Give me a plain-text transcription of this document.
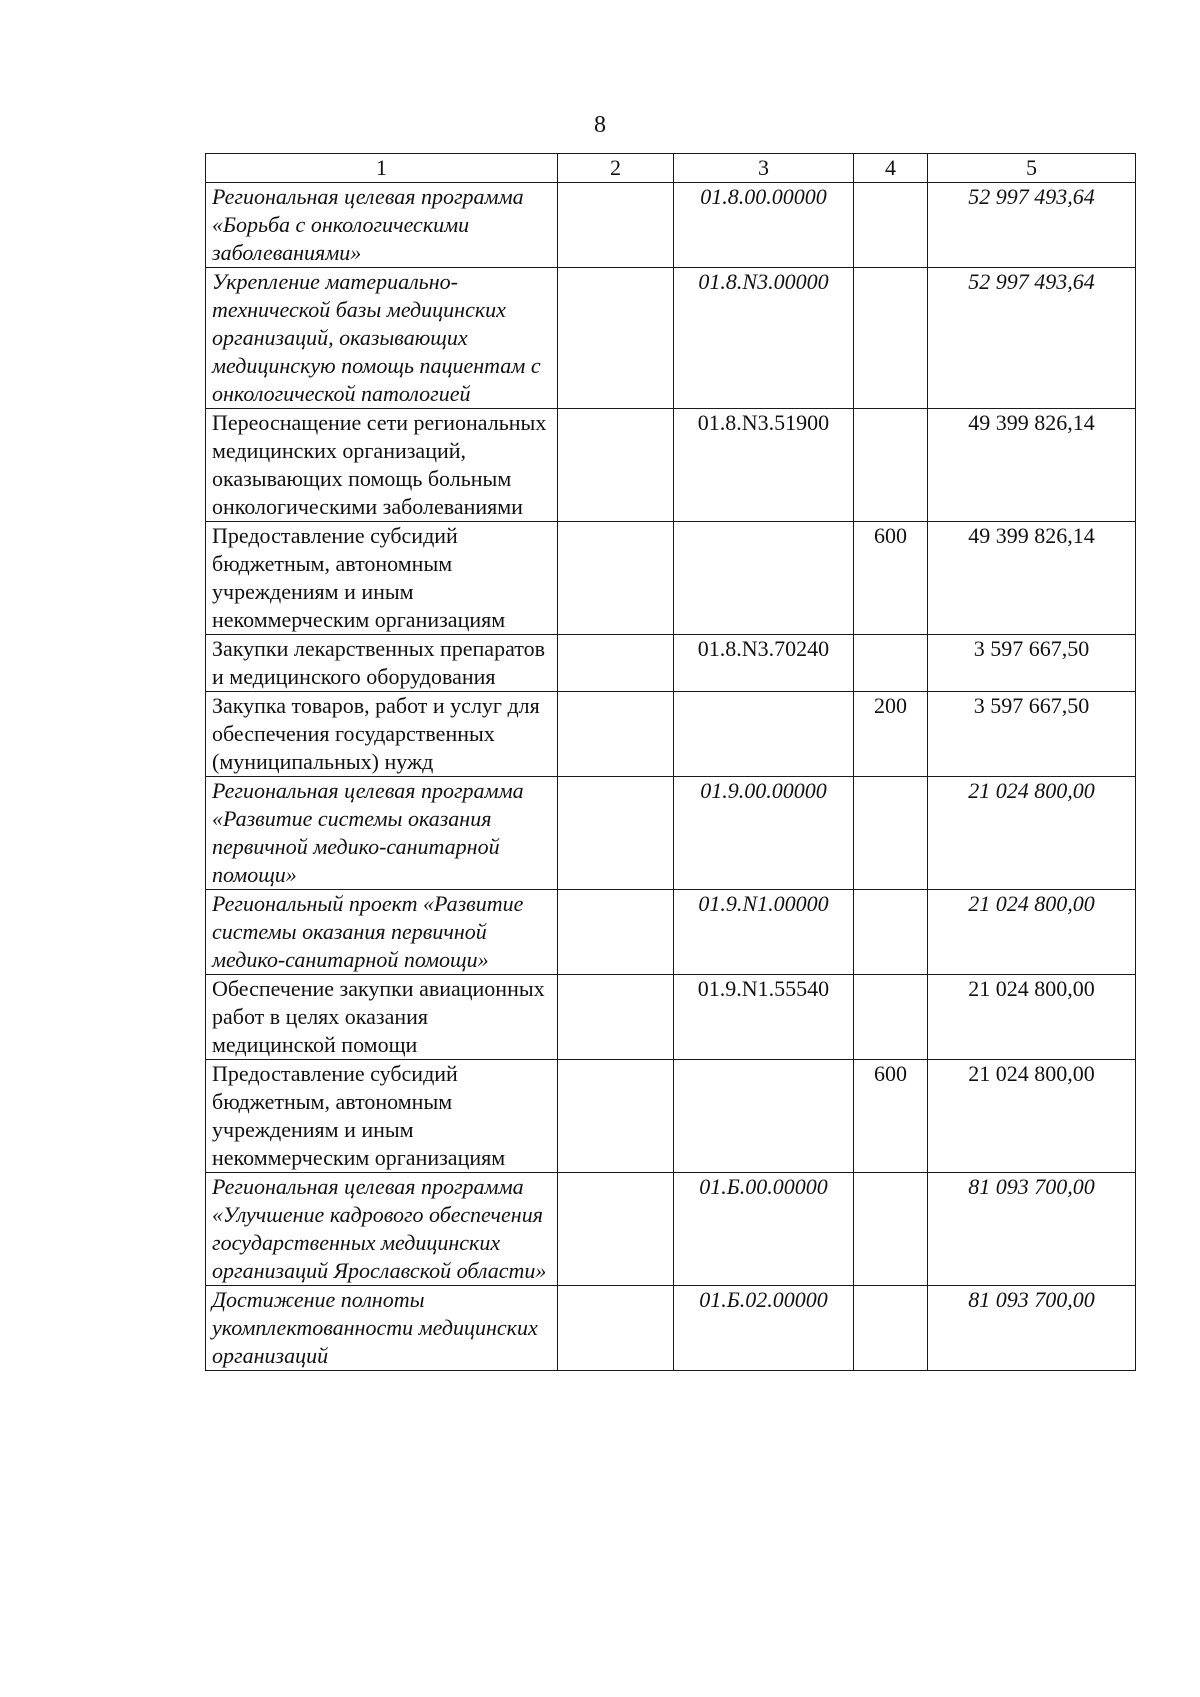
8
1	2	3	4	5
Региональная целевая программа «Борьба с онкологическими заболеваниями»		01.8.00.00000		52 997 493,64
Укрепление материально-технической базы медицинских организаций, оказывающих медицинскую помощь пациентам с онкологической патологией		01.8.N3.00000		52 997 493,64
Переоснащение сети региональных медицинских организаций, оказывающих помощь больным онкологическими заболеваниями		01.8.N3.51900		49 399 826,14
Предоставление субсидий бюджетным, автономным учреждениям и иным некоммерческим организациям			600	49 399 826,14
Закупки лекарственных препаратов и медицинского оборудования		01.8.N3.70240		3 597 667,50
Закупка товаров, работ и услуг для обеспечения государственных (муниципальных) нужд			200	3 597 667,50
Региональная целевая программа «Развитие системы оказания первичной медико-санитарной помощи»		01.9.00.00000		21 024 800,00
Региональный проект «Развитие системы оказания первичной медико-санитарной помощи»		01.9.N1.00000		21 024 800,00
Обеспечение закупки авиационных работ в целях оказания медицинской помощи		01.9.N1.55540		21 024 800,00
Предоставление субсидий бюджетным, автономным учреждениям и иным некоммерческим организациям			600	21 024 800,00
Региональная целевая программа «Улучшение кадрового обеспечения государственных медицинских организаций Ярославской области»		01.Б.00.00000		81 093 700,00
Достижение полноты укомплектованности медицинских организаций		01.Б.02.00000		81 093 700,00
